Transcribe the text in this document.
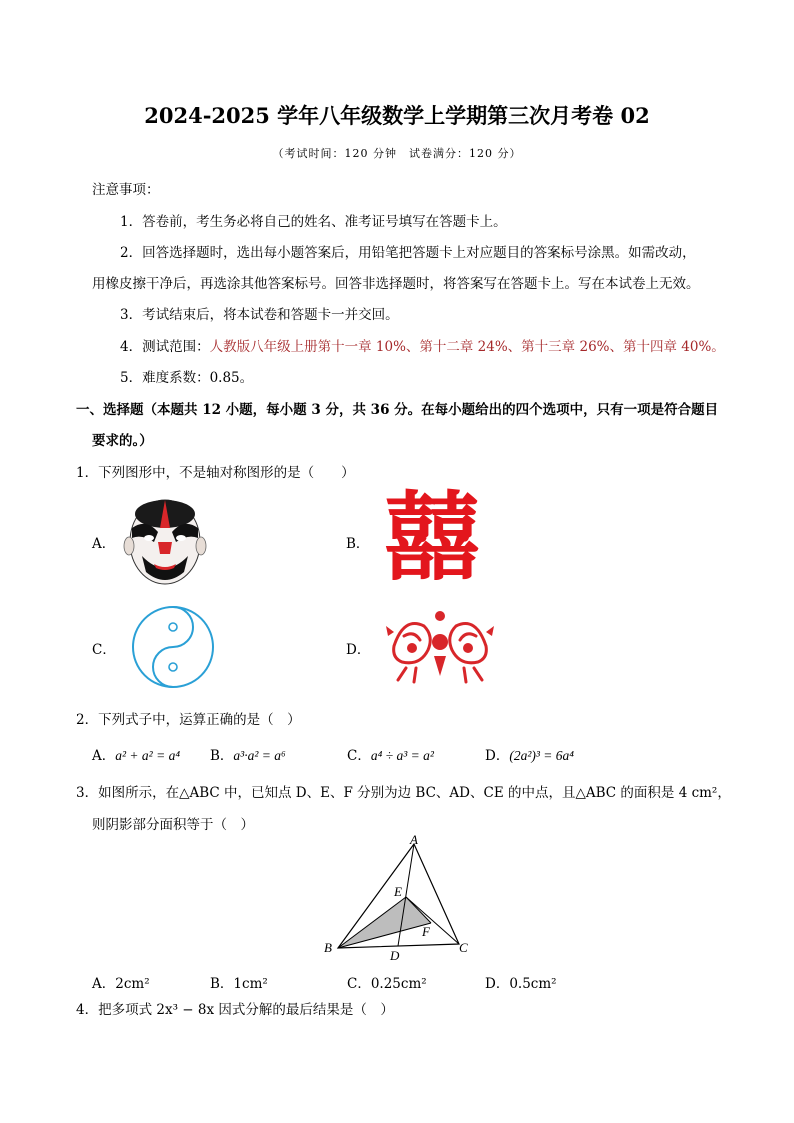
2024-2025 学年八年级数学上学期第三次月考卷 02
（考试时间：120 分钟　试卷满分：120 分）
注意事项：
1．答卷前，考生务必将自己的姓名、准考证号填写在答题卡上。
2．回答选择题时，选出每小题答案后，用铅笔把答题卡上对应题目的答案标号涂黑。如需改动，
用橡皮擦干净后，再选涂其他答案标号。回答非选择题时，将答案写在答题卡上。写在本试卷上无效。
3．考试结束后，将本试卷和答题卡一并交回。
4．测试范围：人教版八年级上册第十一章 10%、第十二章 24%、第十三章 26%、第十四章 40%。
5．难度系数：0.85。
一、选择题（本题共 12 小题，每小题 3 分，共 36 分。在每小题给出的四个选项中，只有一项是符合题目
要求的。）
1．下列图形中，不是轴对称图形的是（　　）
A．	B． 囍
C．	D．
2．下列式子中，运算正确的是（　）
A．a² + a² = a⁴ B．a³·a² = a⁶	C．a⁴ ÷ a³ = a²	D．(2a²)³ = 6a⁴
3．如图所示，在△ABC 中，已知点 D、E、F 分别为边 BC、AD、CE 的中点，且△ABC 的面积是 4 cm²，
则阴影部分面积等于（　）
A
B	C
D
E
F
A．2cm²	B．1cm²	C．0.25cm²	D．0.5cm²
4．把多项式 2x³ − 8x 因式分解的最后结果是（　）
